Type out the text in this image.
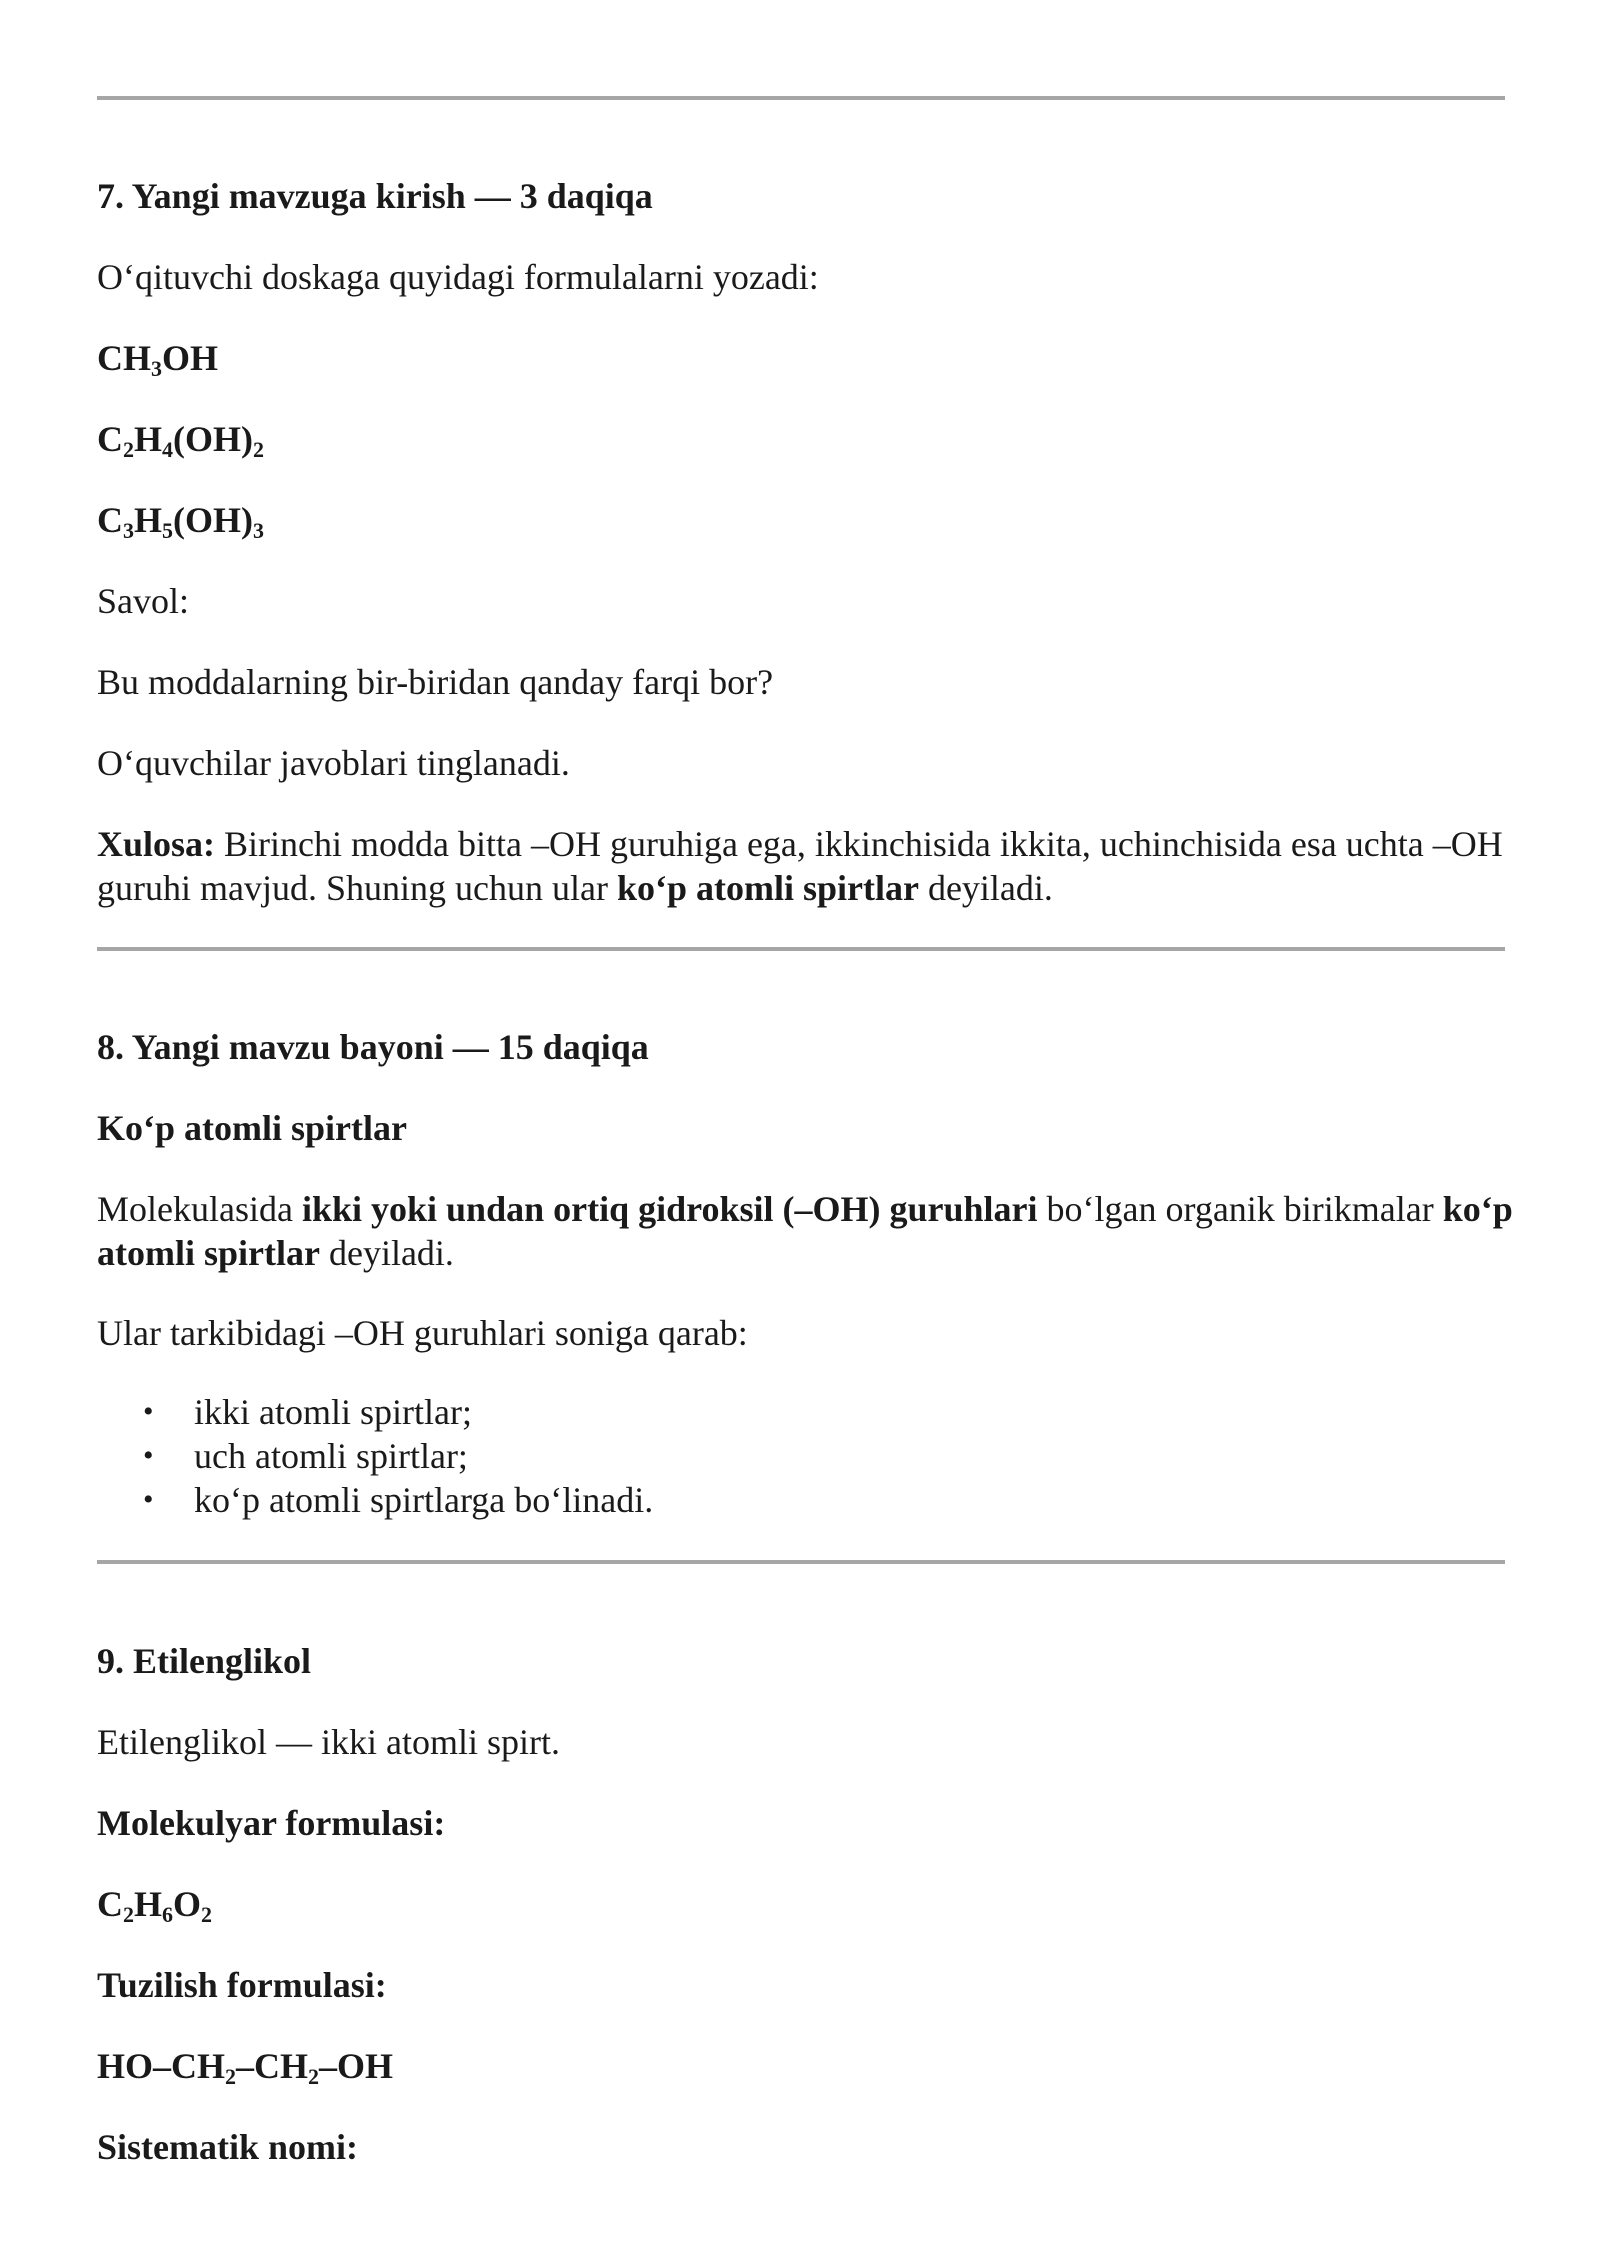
7. Yangi mavzuga kirish — 3 daqiqa
O‘qituvchi doskaga quyidagi formulalarni yozadi:
$CH_3OH$
$C_2H_4(OH)_2$
$C_3H_5(OH)_3$
Savol:
Bu moddalarning bir-biridan qanday farqi bor?
O‘quvchilar javoblari tinglanadi.
Xulosa: Birinchi modda bitta –OH guruhiga ega, ikkinchisida ikkita, uchinchisida esa uchta –OH guruhi mavjud. Shuning uchun ular ko‘p atomli spirtlar deyiladi.
8. Yangi mavzu bayoni — 15 daqiqa
Ko‘p atomli spirtlar
Molekulasida ikki yoki undan ortiq gidroksil (–OH) guruhlari bo‘lgan organik birikmalar ko‘p atomli spirtlar deyiladi.
Ular tarkibidagi –OH guruhlari soniga qarab:
• ikki atomli spirtlar;
• uch atomli spirtlar;
• ko‘p atomli spirtlarga bo‘linadi.
9. Etilenglikol
Etilenglikol — ikki atomli spirt.
Molekulyar formulasi:
$C_2H_6O_2$
Tuzilish formulasi:
$HO-CH_2-CH_2-OH$
Sistematik nomi:
